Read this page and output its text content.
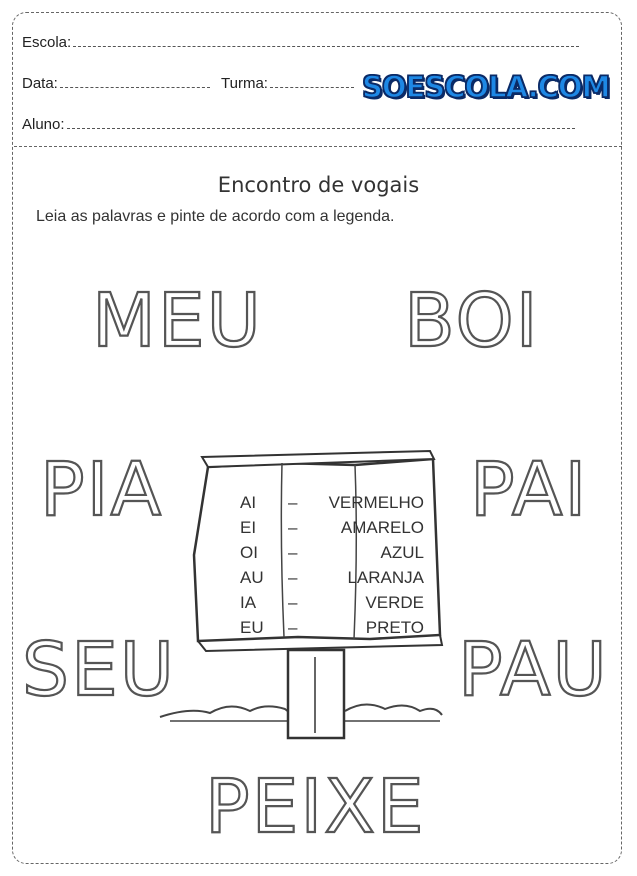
Escola:
Data:	Turma:
Aluno:
SOESCOLA.COM
Encontro de vogais
Leia as palavras e pinte de acordo com a legenda.
MEU BOI
PIA	PAI
SEU	PAU
PEIXE
AI – VERMELHO
EI –	AMARELO
OI –	AZUL
AU –	LARANJA
IA –	VERDE
EU –	PRETO
